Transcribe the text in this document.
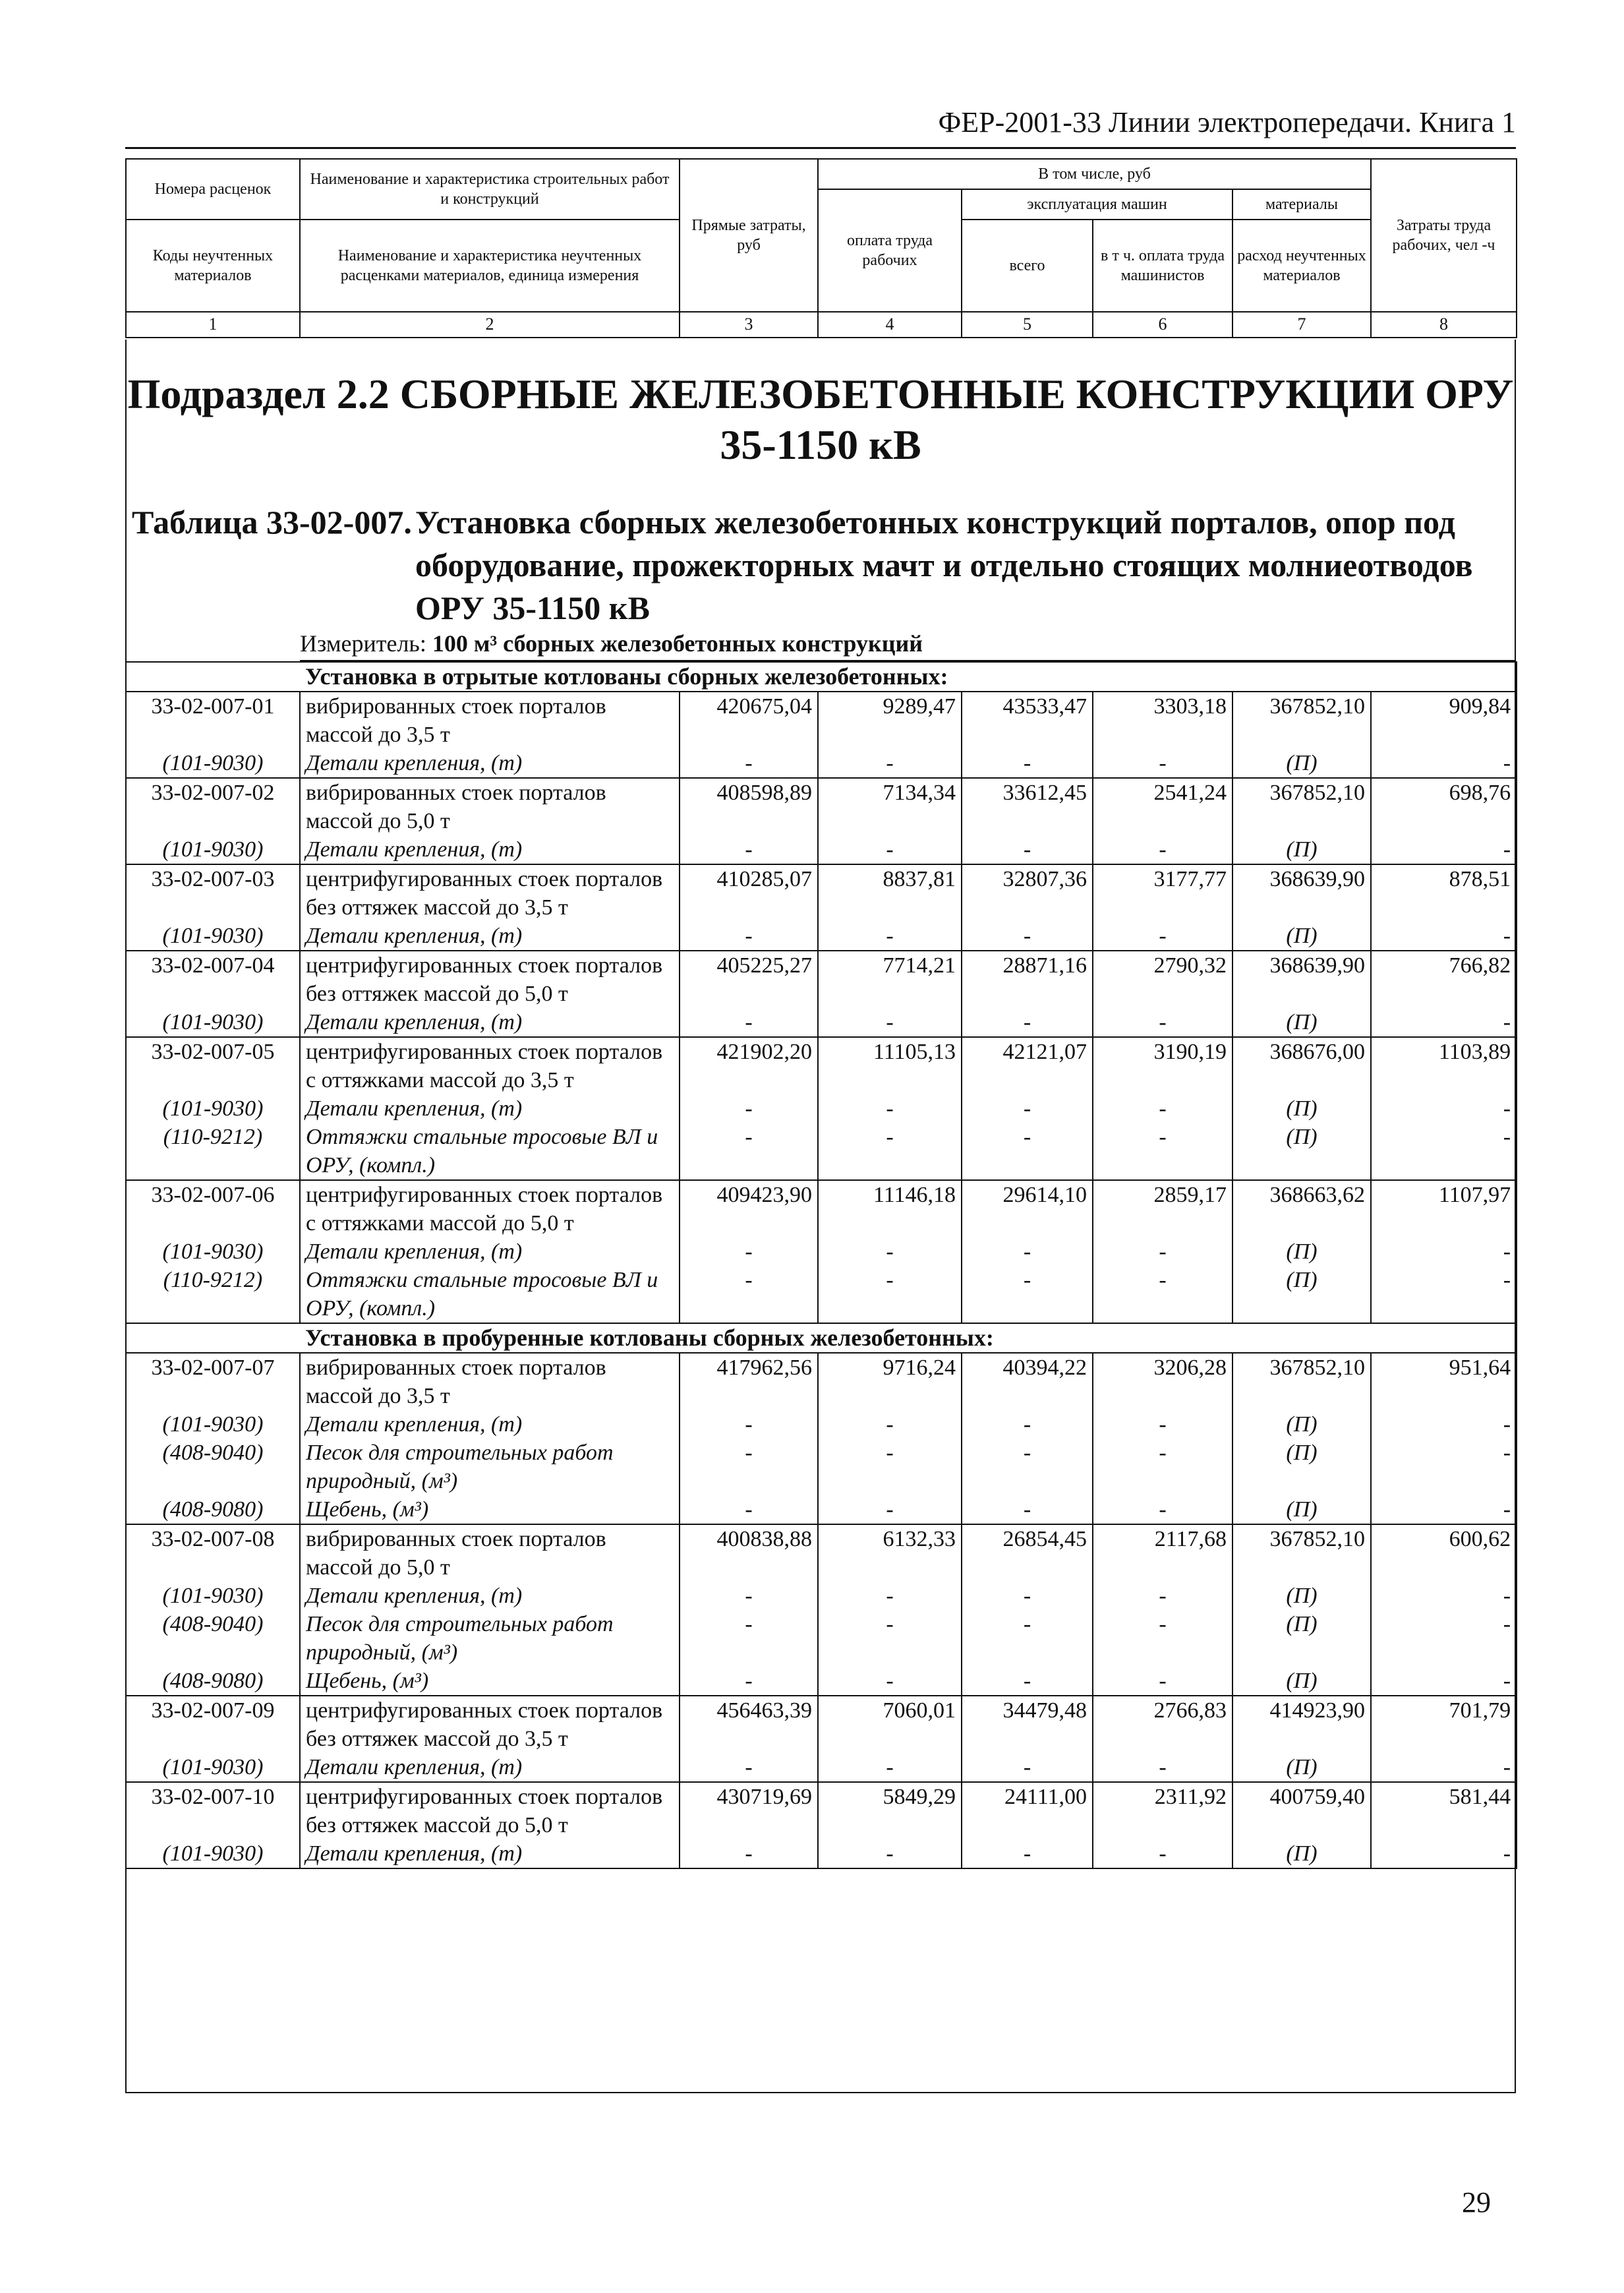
ФЕР-2001-33 Линии электропередачи. Книга 1
Номера расценок	Наименование и характеристика строительных работ и конструкций	Прямые затраты, руб	В том числе, руб				Затраты труда рабочих, чел -ч
			оплата труда рабочих	эксплуатация машин		материалы	
Коды неучтенных материалов	Наименование и характеристика неучтенных расценками материалов, единица измерения			всего	в т ч. оплата труда машинистов	расход неучтенных материалов	

1	2	3	4	5	6	7	8
Подраздел 2.2 СБОРНЫЕ ЖЕЛЕЗОБЕТОННЫЕ КОНСТРУКЦИИ ОРУ 35-1150 кВ
Таблица 33-02-007. Установка сборных железобетонных конструкций порталов, опор под оборудование, прожекторных мачт и отдельно стоящих молниеотводов ОРУ 35-1150 кВ
Измеритель: 100 м³ сборных железобетонных конструкций
	Установка в отрытые котлованы сборных железобетонных:						
33-02-007-01	вибрированных стоек порталов массой до 3,5 т	420675,04	9289,47	43533,47	3303,18	367852,10	909,84
(101-9030)	Детали крепления, (т)	-	-	-	-	(П)	-
33-02-007-02	вибрированных стоек порталов массой до 5,0 т	408598,89	7134,34	33612,45	2541,24	367852,10	698,76
(101-9030)	Детали крепления, (т)	-	-	-	-	(П)	-
33-02-007-03	центрифугированных стоек порталов без оттяжек массой до 3,5 т	410285,07	8837,81	32807,36	3177,77	368639,90	878,51
(101-9030)	Детали крепления, (т)	-	-	-	-	(П)	-
33-02-007-04	центрифугированных стоек порталов без оттяжек массой до 5,0 т	405225,27	7714,21	28871,16	2790,32	368639,90	766,82
(101-9030)	Детали крепления, (т)	-	-	-	-	(П)	-
33-02-007-05	центрифугированных стоек порталов с оттяжками массой до 3,5 т	421902,20	11105,13	42121,07	3190,19	368676,00	1103,89
(101-9030)	Детали крепления, (т)	-	-	-	-	(П)	-
(110-9212)	Оттяжки стальные тросовые ВЛ и ОРУ, (компл.)	-	-	-	-	(П)	-
33-02-007-06	центрифугированных стоек порталов с оттяжками массой до 5,0 т	409423,90	11146,18	29614,10	2859,17	368663,62	1107,97
(101-9030)	Детали крепления, (т)	-	-	-	-	(П)	-
(110-9212)	Оттяжки стальные тросовые ВЛ и ОРУ, (компл.)	-	-	-	-	(П)	-
	Установка в пробуренные котлованы сборных железобетонных:						
33-02-007-07	вибрированных стоек порталов массой до 3,5 т	417962,56	9716,24	40394,22	3206,28	367852,10	951,64
(101-9030)	Детали крепления, (т)	-	-	-	-	(П)	-
(408-9040)	Песок для строительных работ природный, (м³)	-	-	-	-	(П)	-
(408-9080)	Щебень, (м³)	-	-	-	-	(П)	-
33-02-007-08	вибрированных стоек порталов массой до 5,0 т	400838,88	6132,33	26854,45	2117,68	367852,10	600,62
(101-9030)	Детали крепления, (т)	-	-	-	-	(П)	-
(408-9040)	Песок для строительных работ природный, (м³)	-	-	-	-	(П)	-
(408-9080)	Щебень, (м³)	-	-	-	-	(П)	-
33-02-007-09	центрифугированных стоек порталов без оттяжек массой до 3,5 т	456463,39	7060,01	34479,48	2766,83	414923,90	701,79
(101-9030)	Детали крепления, (т)	-	-	-	-	(П)	-
33-02-007-10	центрифугированных стоек порталов без оттяжек массой до 5,0 т	430719,69	5849,29	24111,00	2311,92	400759,40	581,44
(101-9030)	Детали крепления, (т)	-	-	-	-	(П)	-
29
